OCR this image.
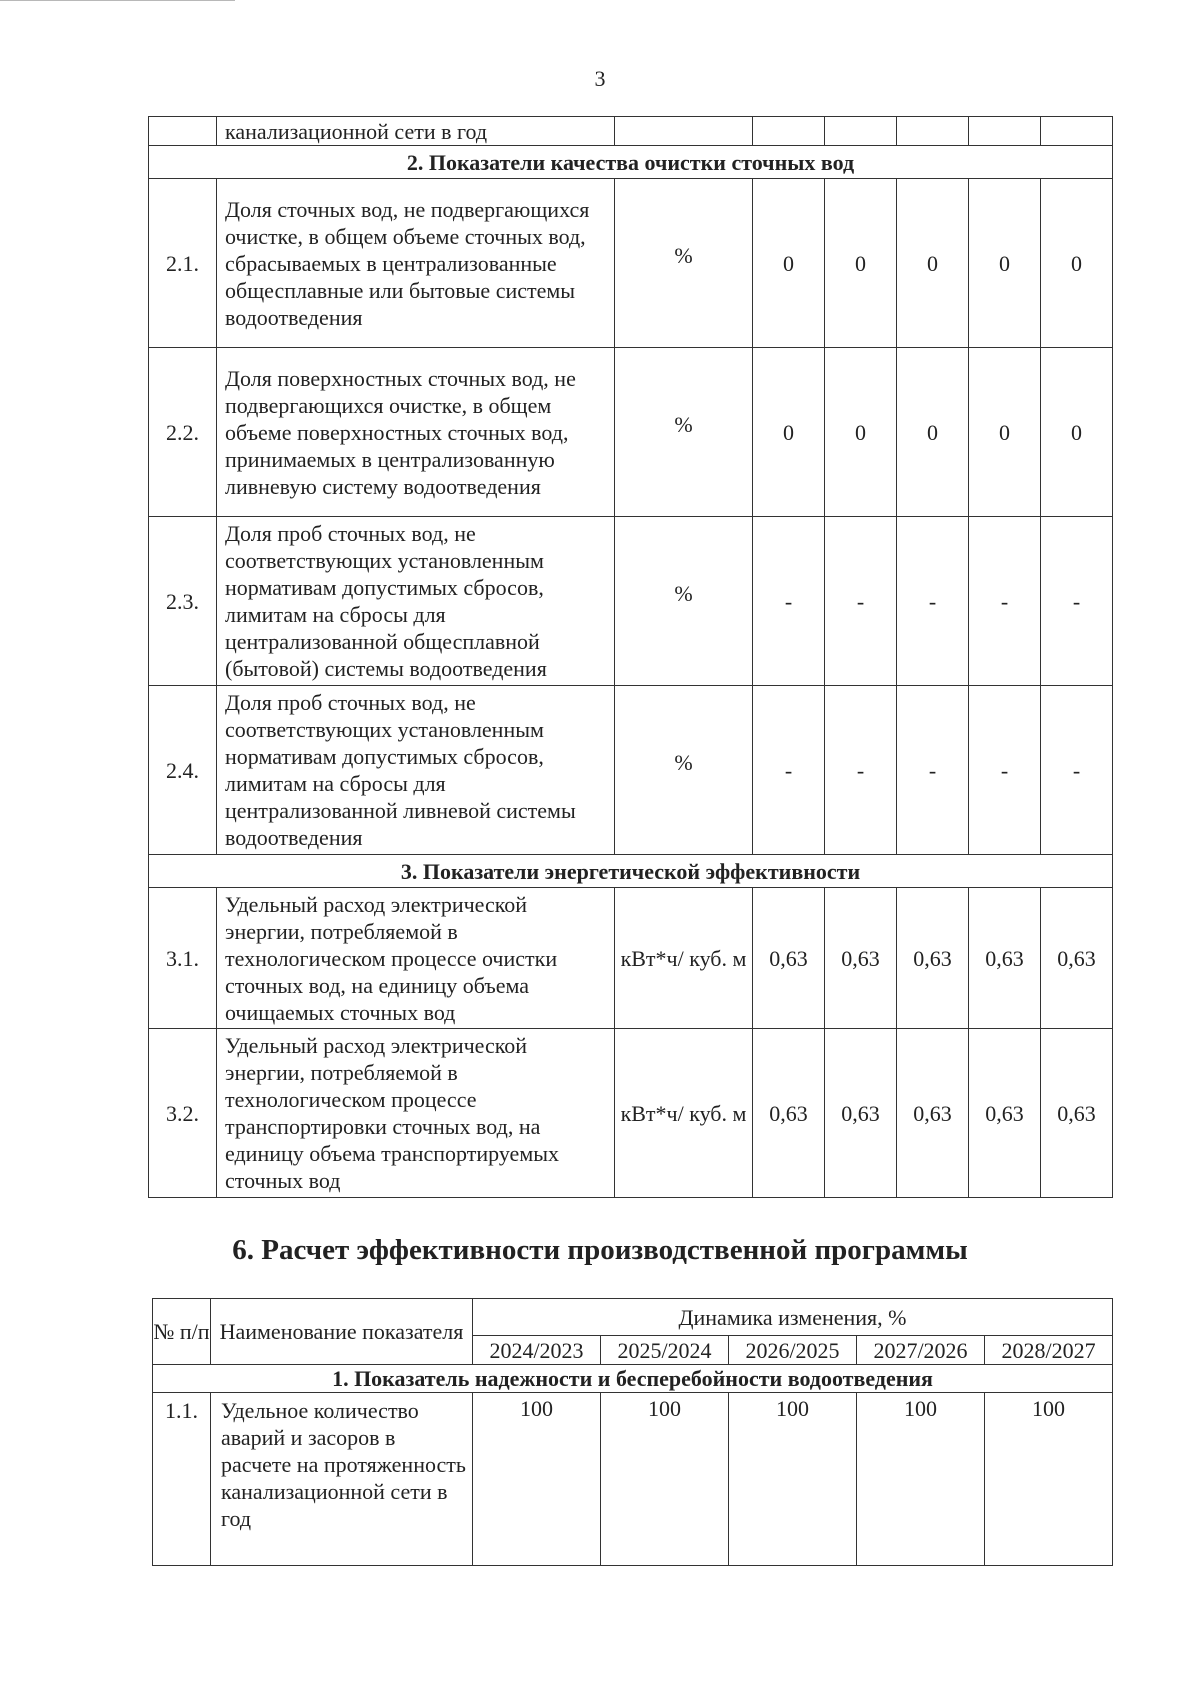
3
	канализационной сети в год						
2. Показатели качества очистки сточных вод							
2.1.	Доля сточных вод, не подвергающихся очистке, в общем объеме сточных вод, сбрасываемых в централизованные общесплавные или бытовые системы водоотведения	%	0	0	0	0	0
2.2.	Доля поверхностных сточных вод, не подвергающихся очистке, в общем объеме поверхностных сточных вод, принимаемых в централизованную ливневую систему водоотведения	%	0	0	0	0	0
2.3.	Доля проб сточных вод, не соответствующих установленным нормативам допустимых сбросов, лимитам на сбросы для централизованной общесплавной (бытовой) системы водоотведения	%	-	-	-	-	-
2.4.	Доля проб сточных вод, не соответствующих установленным нормативам допустимых сбросов, лимитам на сбросы для централизованной ливневой системы водоотведения	%	-	-	-	-	-
3. Показатели энергетической эффективности							
3.1.	Удельный расход электрической энергии, потребляемой в технологическом процессе очистки сточных вод, на единицу объема очищаемых сточных вод	кВт*ч/ куб. м	0,63	0,63	0,63	0,63	0,63
3.2.	Удельный расход электрической энергии, потребляемой в технологическом процессе транспортировки сточных вод, на единицу объема транспортируемых сточных вод	кВт*ч/ куб. м	0,63	0,63	0,63	0,63	0,63
6. Расчет эффективности производственной программы
№ п/п	Наименование показателя	Динамика изменения, %				
		2024/2023	2025/2024	2026/2025	2027/2026	2028/2027
1. Показатель надежности и бесперебойности водоотведения						
1.1.	Удельное количество аварий и засоров в расчете на протяженность канализационной сети в год	100	100	100	100	100
